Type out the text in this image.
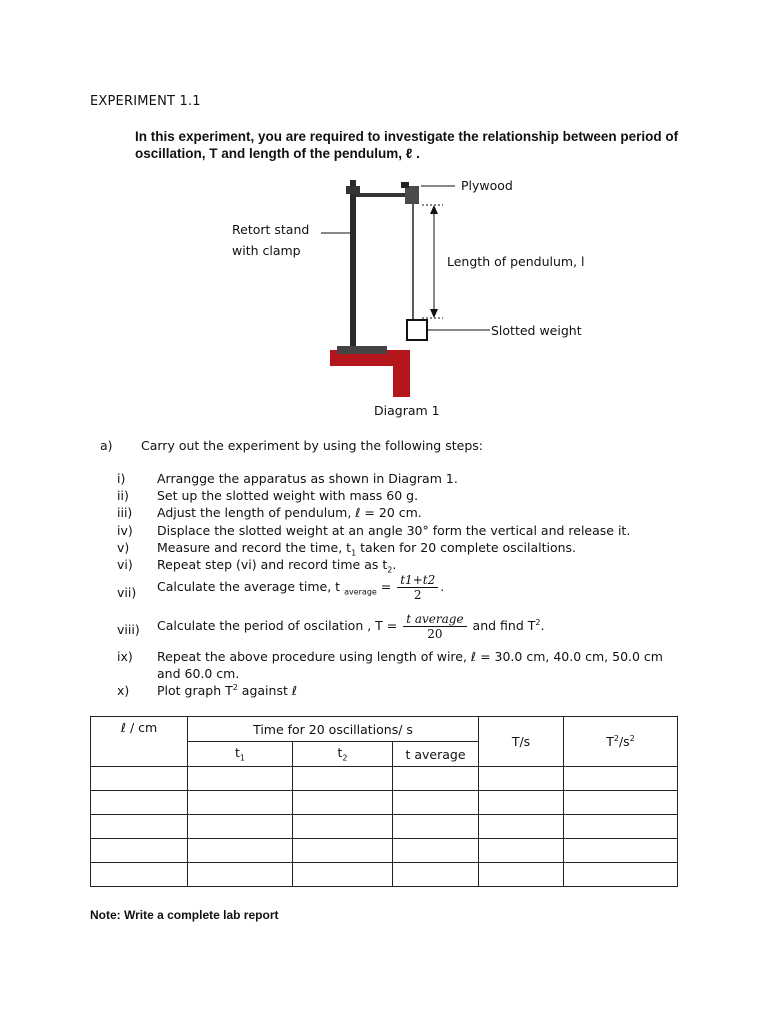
EXPERIMENT 1.1
In this experiment, you are required to investigate the relationship between period of oscillation, T and length of the pendulum, ℓ .
Plywood
Retort stand
with clamp
Length of pendulum, l
Slotted weight
Diagram 1
a) Carry out the experiment by using the following steps:
i)	Arrangge the apparatus as shown in Diagram 1.
ii) Set up the slotted weight with mass 60 g.
iii) Adjust the length of pendulum, ℓ = 20 cm.
iv) Displace the slotted weight at an angle 30° form the vertical and release it.
v) Measure and record the time, $t_1$ taken for 20 complete oscilaltions.
vi) Repeat step (vi) and record time as $t_2$.
vii) Calculate the average time, t $_{average} = \frac{t1+t2}{2}$ .
viii) Calculate the period of oscilation , $T = \frac{\text{t average}}{20}$ and find $T^2$.
ix) Repeat the above procedure using length of wire, ℓ = 30.0 cm, 40.0 cm, 50.0 cm
and 60.0 cm.
x) Plot graph $T^2$ against ℓ
ℓ / cm	Time for 20 oscillations/ s			T/s	$T^2/s^2$
	$t_1$	$t_2$	t average		

Note: Write a complete lab report
